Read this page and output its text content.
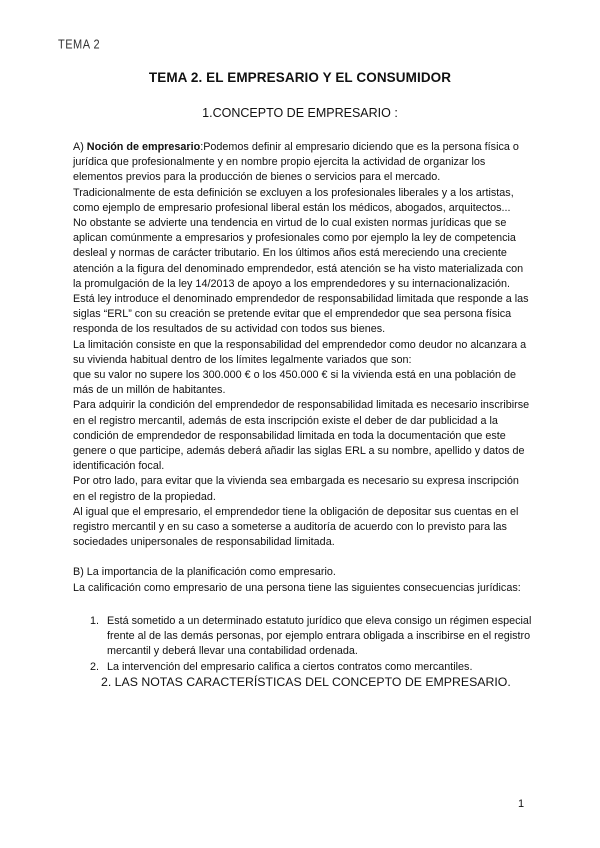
TEMA 2
TEMA 2. EL EMPRESARIO Y EL CONSUMIDOR
1.CONCEPTO DE EMPRESARIO :

A) Noción de empresario:Podemos definir al empresario diciendo que es la persona física o jurídica que profesionalmente y en nombre propio ejercita la actividad de organizar los elementos previos para la producción de bienes o servicios para el mercado.

Tradicionalmente de esta definición se excluyen a los profesionales liberales y a los artistas, como ejemplo de empresario profesional liberal están los médicos, abogados, arquitectos...

No obstante se advierte una tendencia en virtud de lo cual existen normas jurídicas que se aplican comúnmente a empresarios y profesionales como por ejemplo la ley de competencia desleal y normas de carácter tributario. En los últimos años está mereciendo una creciente atención a la figura del denominado emprendedor, está atención se ha visto materializada con la promulgación de la ley 14/2013 de apoyo a los emprendedores y su internacionalización.

Está ley introduce el denominado emprendedor de responsabilidad limitada que responde a las siglas “ERL” con su creación se pretende evitar que el emprendedor que sea persona física responda de los resultados de su actividad con todos sus bienes.

La limitación consiste en que la responsabilidad del emprendedor como deudor no alcanzara a su vivienda habitual dentro de los límites legalmente variados que son:

que su valor no supere los 300.000 € o los 450.000 € si la vivienda está en una población de más de un millón de habitantes.

Para adquirir la condición del emprendedor de responsabilidad limitada es necesario inscribirse en el registro mercantil, además de esta inscripción existe el deber de dar publicidad a la condición de emprendedor de responsabilidad limitada en toda la documentación que este genere o que participe, además deberá añadir las siglas ERL a su nombre, apellido y datos de identificación focal.

Por otro lado, para evitar que la vivienda sea embargada es necesario su expresa inscripción en el registro de la propiedad.

Al igual que el empresario, el emprendedor tiene la obligación de depositar sus cuentas en el registro mercantil y en su caso a someterse a auditoría de acuerdo con lo previsto para las sociedades unipersonales de responsabilidad limitada.

B) La importancia de la planificación como empresario.

La calificación como empresario de una persona tiene las siguientes consecuencias jurídicas:

1. Está sometido a un determinado estatuto jurídico que eleva consigo un régimen especial frente al de las demás personas, por ejemplo entrara obligada a inscribirse en el registro mercantil y deberá llevar una contabilidad ordenada.
2. La intervención del empresario califica a ciertos contratos como mercantiles.

2. LAS NOTAS CARACTERÍSTICAS DEL CONCEPTO DE EMPRESARIO.

1
